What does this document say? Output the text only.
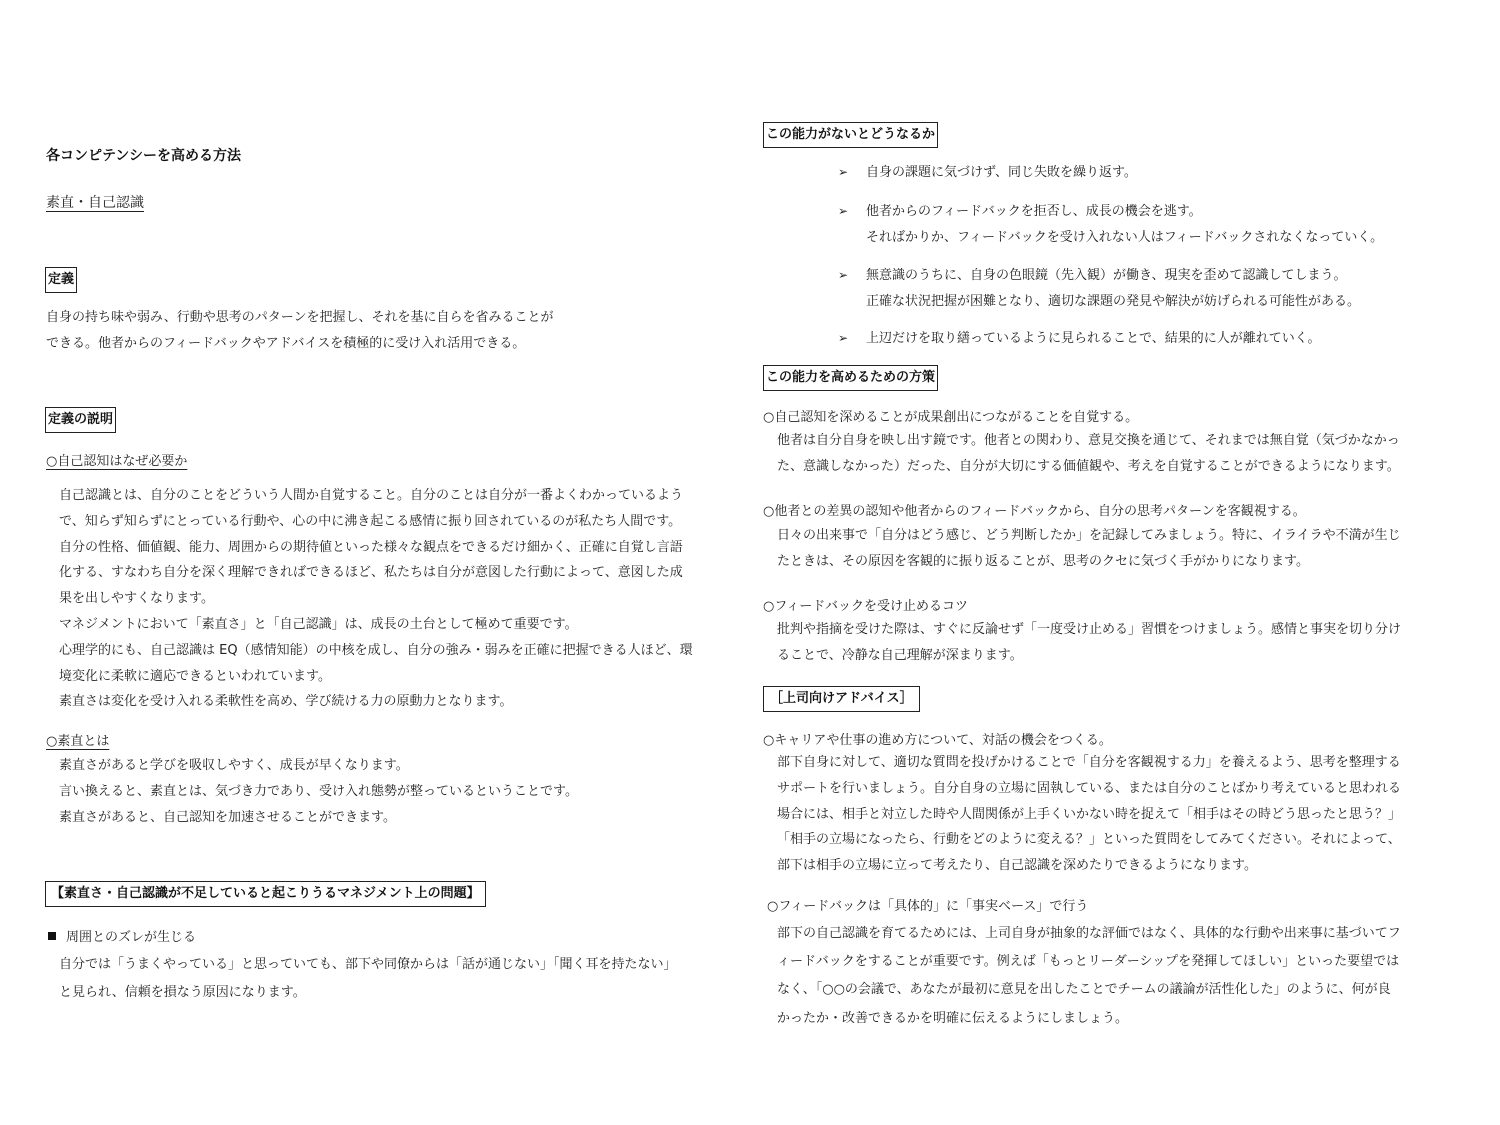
各コンピテンシーを高める方法
素直・自己認識
定義
自身の持ち味や弱み、行動や思考のパターンを把握し、それを基に自らを省みることが
できる。他者からのフィードバックやアドバイスを積極的に受け入れ活用できる。
定義の説明
○自己認知はなぜ必要か
自己認識とは、自分のことをどういう人間か自覚すること。自分のことは自分が一番よくわかっているよう
で、知らず知らずにとっている行動や、心の中に沸き起こる感情に振り回されているのが私たち人間です。
自分の性格、価値観、能力、周囲からの期待値といった様々な観点をできるだけ細かく、正確に自覚し言語
化する、すなわち自分を深く理解できればできるほど、私たちは自分が意図した行動によって、意図した成
果を出しやすくなります。
マネジメントにおいて「素直さ」と「自己認識」は、成長の土台として極めて重要です。
心理学的にも、自己認識は EQ（感情知能）の中核を成し、自分の強み・弱みを正確に把握できる人ほど、環
境変化に柔軟に適応できるといわれています。
素直さは変化を受け入れる柔軟性を高め、学び続ける力の原動力となります。
○素直とは
素直さがあると学びを吸収しやすく、成長が早くなります。
言い換えると、素直とは、気づき力であり、受け入れ態勢が整っているということです。
素直さがあると、自己認知を加速させることができます。
【素直さ・自己認識が不足していると起こりうるマネジメント上の問題】
周囲とのズレが生じる
自分では「うまくやっている」と思っていても、部下や同僚からは「話が通じない」「聞く耳を持たない」
と見られ、信頼を損なう原因になります。
この能力がないとどうなるか
➢ 自身の課題に気づけず、同じ失敗を繰り返す。
➢ 他者からのフィードバックを拒否し、成長の機会を逃す。
そればかりか、フィードバックを受け入れない人はフィードバックされなくなっていく。
➢ 無意識のうちに、自身の色眼鏡（先入観）が働き、現実を歪めて認識してしまう。
正確な状況把握が困難となり、適切な課題の発見や解決が妨げられる可能性がある。
➢ 上辺だけを取り繕っているように見られることで、結果的に人が離れていく。
この能力を高めるための方策
○自己認知を深めることが成果創出につながることを自覚する。
他者は自分自身を映し出す鏡です。他者との関わり、意見交換を通じて、それまでは無自覚（気づかなかっ
た、意識しなかった）だった、自分が大切にする価値観や、考えを自覚することができるようになります。
○他者との差異の認知や他者からのフィードバックから、自分の思考パターンを客観視する。
日々の出来事で「自分はどう感じ、どう判断したか」を記録してみましょう。特に、イライラや不満が生じ
たときは、その原因を客観的に振り返ることが、思考のクセに気づく手がかりになります。
○フィードバックを受け止めるコツ
批判や指摘を受けた際は、すぐに反論せず「一度受け止める」習慣をつけましょう。感情と事実を切り分け
ることで、冷静な自己理解が深まります。
［上司向けアドバイス］
○キャリアや仕事の進め方について、対話の機会をつくる。
部下自身に対して、適切な質問を投げかけることで「自分を客観視する力」を養えるよう、思考を整理する
サポートを行いましょう。自分自身の立場に固執している、または自分のことばかり考えていると思われる
場合には、相手と対立した時や人間関係が上手くいかない時を捉えて「相手はその時どう思ったと思う？」
「相手の立場になったら、行動をどのように変える？」といった質問をしてみてください。それによって、
部下は相手の立場に立って考えたり、自己認識を深めたりできるようになります。
○フィードバックは「具体的」に「事実ベース」で行う
部下の自己認識を育てるためには、上司自身が抽象的な評価ではなく、具体的な行動や出来事に基づいてフ
ィードバックをすることが重要です。例えば「もっとリーダーシップを発揮してほしい」といった要望では
なく、「○○の会議で、あなたが最初に意見を出したことでチームの議論が活性化した」のように、何が良
かったか・改善できるかを明確に伝えるようにしましょう。
